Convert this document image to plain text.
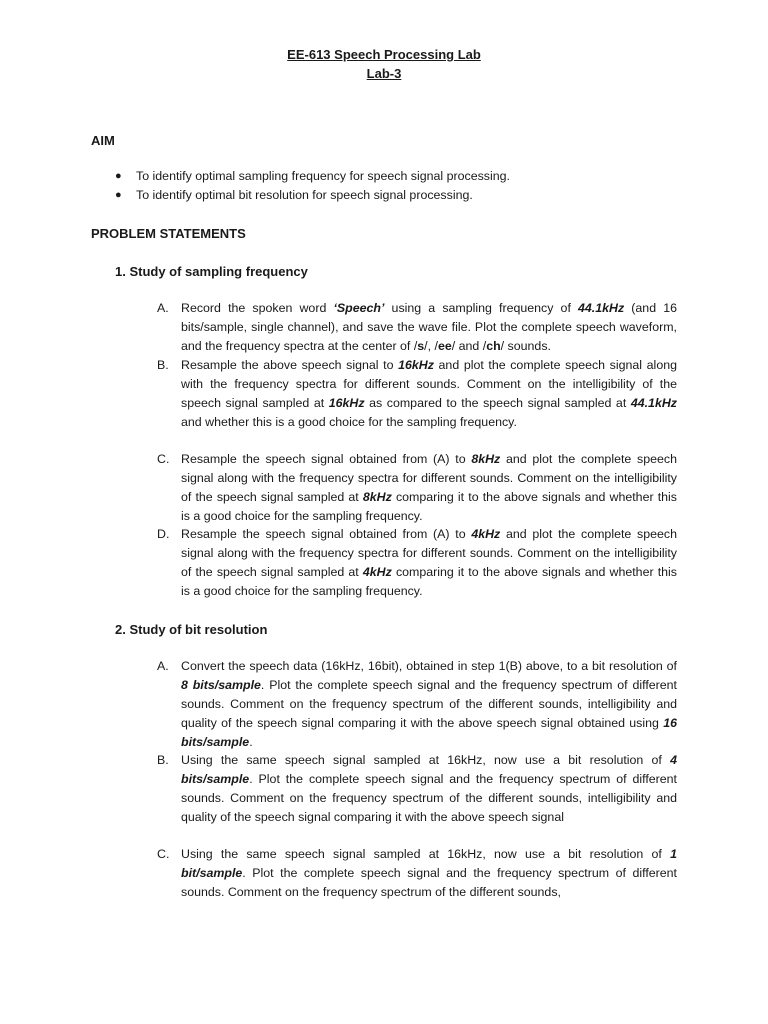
EE-613 Speech Processing Lab
Lab-3
AIM
● To identify optimal sampling frequency for speech signal processing.
● To identify optimal bit resolution for speech signal processing.
PROBLEM STATEMENTS
1. Study of sampling frequency
A. Record the spoken word ‘Speech’ using a sampling frequency of 44.1kHz (and 16 bits/sample, single channel), and save the wave file. Plot the complete speech waveform, and the frequency spectra at the center of /s/, /ee/ and /ch/ sounds.
B. Resample the above speech signal to 16kHz and plot the complete speech signal along with the frequency spectra for different sounds. Comment on the intelligibility of the speech signal sampled at 16kHz as compared to the speech signal sampled at 44.1kHz and whether this is a good choice for the sampling frequency.
C. Resample the speech signal obtained from (A) to 8kHz and plot the complete speech signal along with the frequency spectra for different sounds. Comment on the intelligibility of the speech signal sampled at 8kHz comparing it to the above signals and whether this is a good choice for the sampling frequency.
D. Resample the speech signal obtained from (A) to 4kHz and plot the complete speech signal along with the frequency spectra for different sounds. Comment on the intelligibility of the speech signal sampled at 4kHz comparing it to the above signals and whether this is a good choice for the sampling frequency.
2. Study of bit resolution
A. Convert the speech data (16kHz, 16bit), obtained in step 1(B) above, to a bit resolution of 8 bits/sample. Plot the complete speech signal and the frequency spectrum of different sounds. Comment on the frequency spectrum of the different sounds, intelligibility and quality of the speech signal comparing it with the above speech signal obtained using 16 bits/sample.
B. Using the same speech signal sampled at 16kHz, now use a bit resolution of 4 bits/sample. Plot the complete speech signal and the frequency spectrum of different sounds. Comment on the frequency spectrum of the different sounds, intelligibility and quality of the speech signal comparing it with the above speech signal
C. Using the same speech signal sampled at 16kHz, now use a bit resolution of 1 bit/sample. Plot the complete speech signal and the frequency spectrum of different sounds. Comment on the frequency spectrum of the different sounds,
